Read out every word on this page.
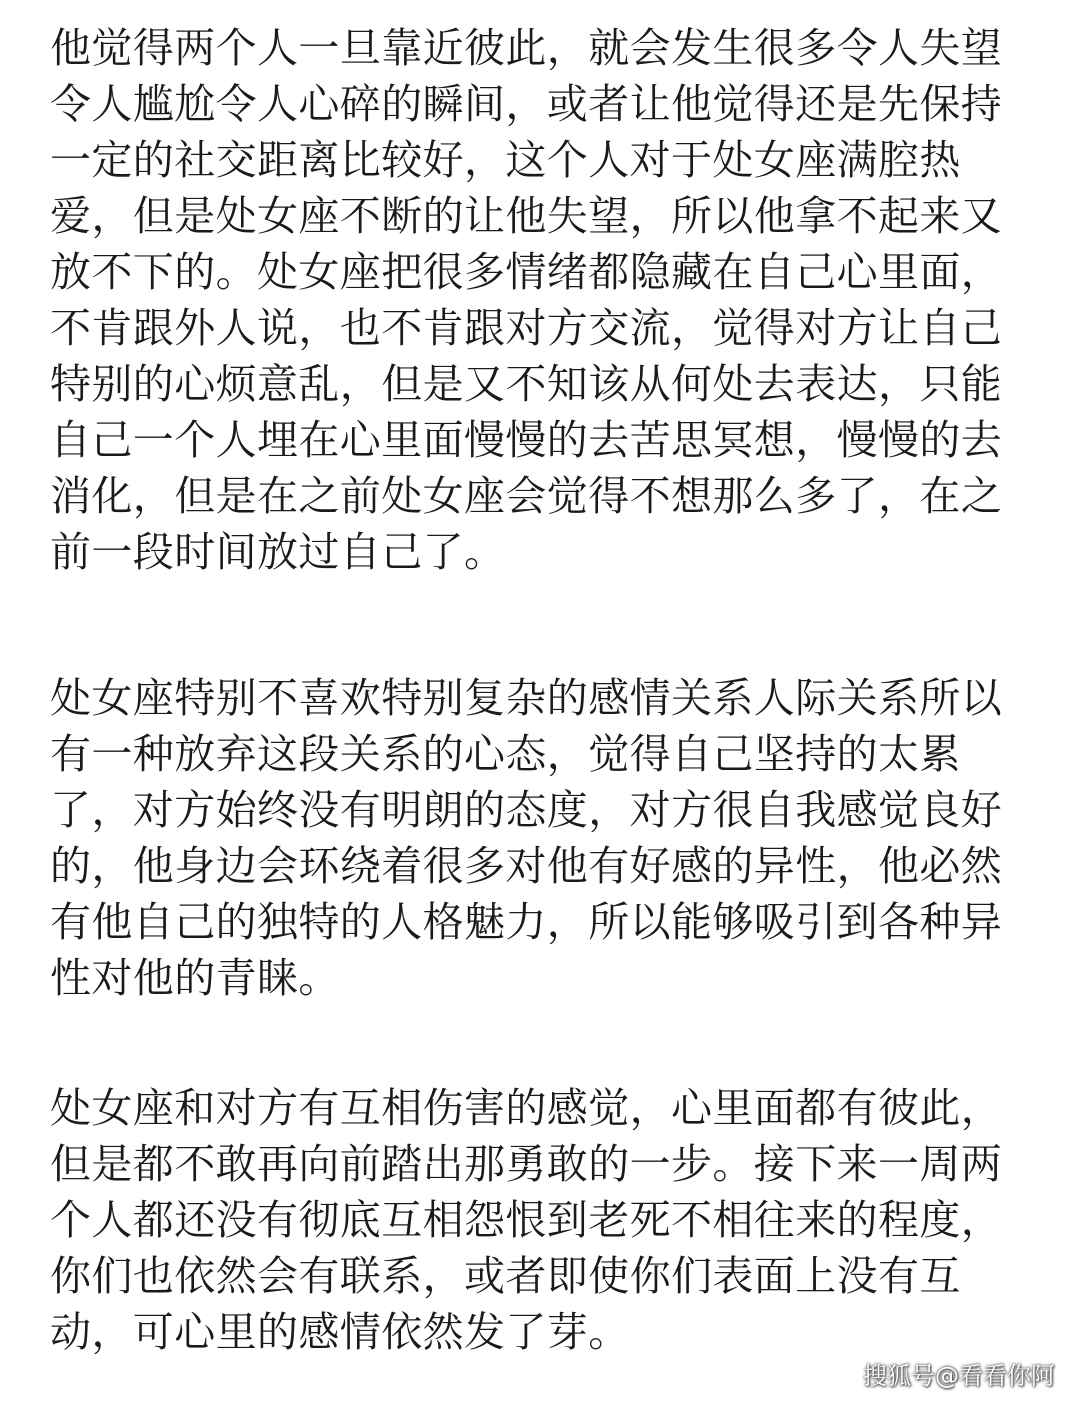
他觉得两个人一旦靠近彼此，就会发生很多令人失望
令人尴尬令人心碎的瞬间，或者让他觉得还是先保持
一定的社交距离比较好，这个人对于处女座满腔热
爱，但是处女座不断的让他失望，所以他拿不起来又
放不下的。处女座把很多情绪都隐藏在自己心里面，
不肯跟外人说，也不肯跟对方交流，觉得对方让自己
特别的心烦意乱，但是又不知该从何处去表达，只能
自己一个人埋在心里面慢慢的去苦思冥想，慢慢的去
消化，但是在之前处女座会觉得不想那么多了，在之
前一段时间放过自己了。
处女座特别不喜欢特别复杂的感情关系人际关系所以
有一种放弃这段关系的心态，觉得自己坚持的太累
了，对方始终没有明朗的态度，对方很自我感觉良好
的，他身边会环绕着很多对他有好感的异性，他必然
有他自己的独特的人格魅力，所以能够吸引到各种异
性对他的青睐。
处女座和对方有互相伤害的感觉，心里面都有彼此，
但是都不敢再向前踏出那勇敢的一步。接下来一周两
个人都还没有彻底互相怨恨到老死不相往来的程度，
你们也依然会有联系，或者即使你们表面上没有互
动，可心里的感情依然发了芽。
搜狐号@看看你阿
